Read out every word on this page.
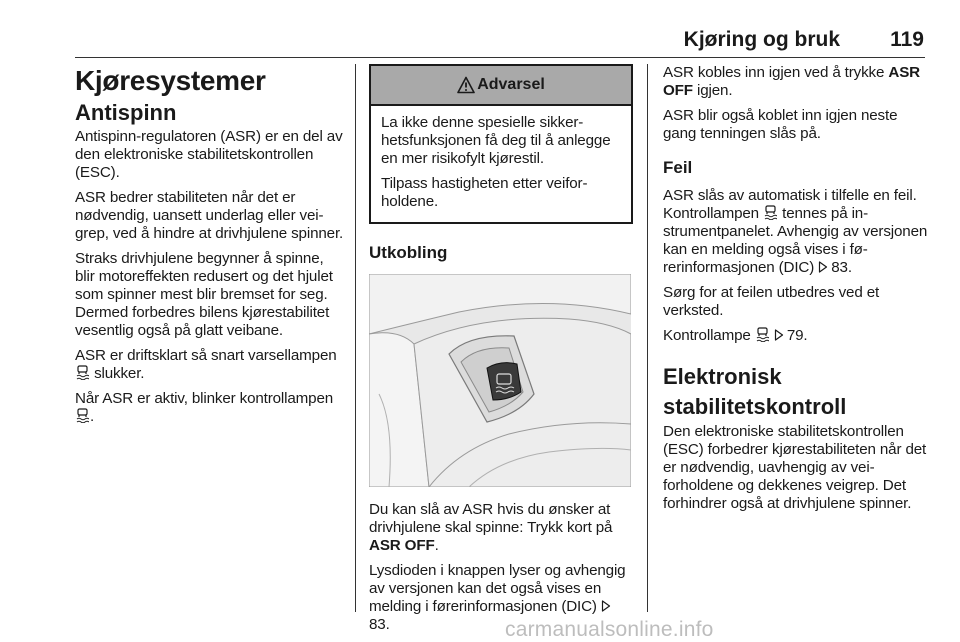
Kjøring og bruk 119
Kjøresystemer
Antispinn

Antispinn-regulatoren (ASR) er en del av den elektroniske stabilitetskontrollen (ESC).

ASR bedrer stabiliteten når det er nødvendig, uansett underlag eller veigrep, ved å hindre at drivhjulene spinner.

Straks drivhjulene begynner å spinne, blir motoreffekten redusert og det hjulet som spinner mest blir bremset for seg. Dermed forbedres bilens kjørestabilitet vesentlig også på glatt veibane.

ASR er driftsklart så snart varsellampen  slukker.

Når ASR er aktiv, blinker kontrollampen .

Advarsel

La ikke denne spesielle sikkerhetsfunksjonen få deg til å anlegge en mer risikofylt kjørestil.

Tilpass hastigheten etter veiforholdene.

Utkobling

Du kan slå av ASR hvis du ønsker at drivhjulene skal spinne: Trykk kort på ASR OFF.

Lysdioden i knappen lyser og avhengig av versjonen kan det også vises en melding i førerinformasjonen (DIC) 83.

ASR kobles inn igjen ved å trykke ASR OFF igjen.

ASR blir også koblet inn igjen neste gang tenningen slås på.

Feil

ASR slås av automatisk i tilfelle en feil. Kontrollampen tennes på instrumentpanelet. Avhengig av versjonen kan en melding også vises i førerinformasjonen (DIC) 83.

Sørg for at feilen utbedres ved et verksted.

Kontrollampe 79.

Elektronisk
stabilitetskontroll

Den elektroniske stabilitetskontrollen (ESC) forbedrer kjørestabiliteten når det er nødvendig, uavhengig av veiforholdene og dekkenes veigrep. Det forhindrer også at drivhjulene spinner.

carmanualsonline.info
